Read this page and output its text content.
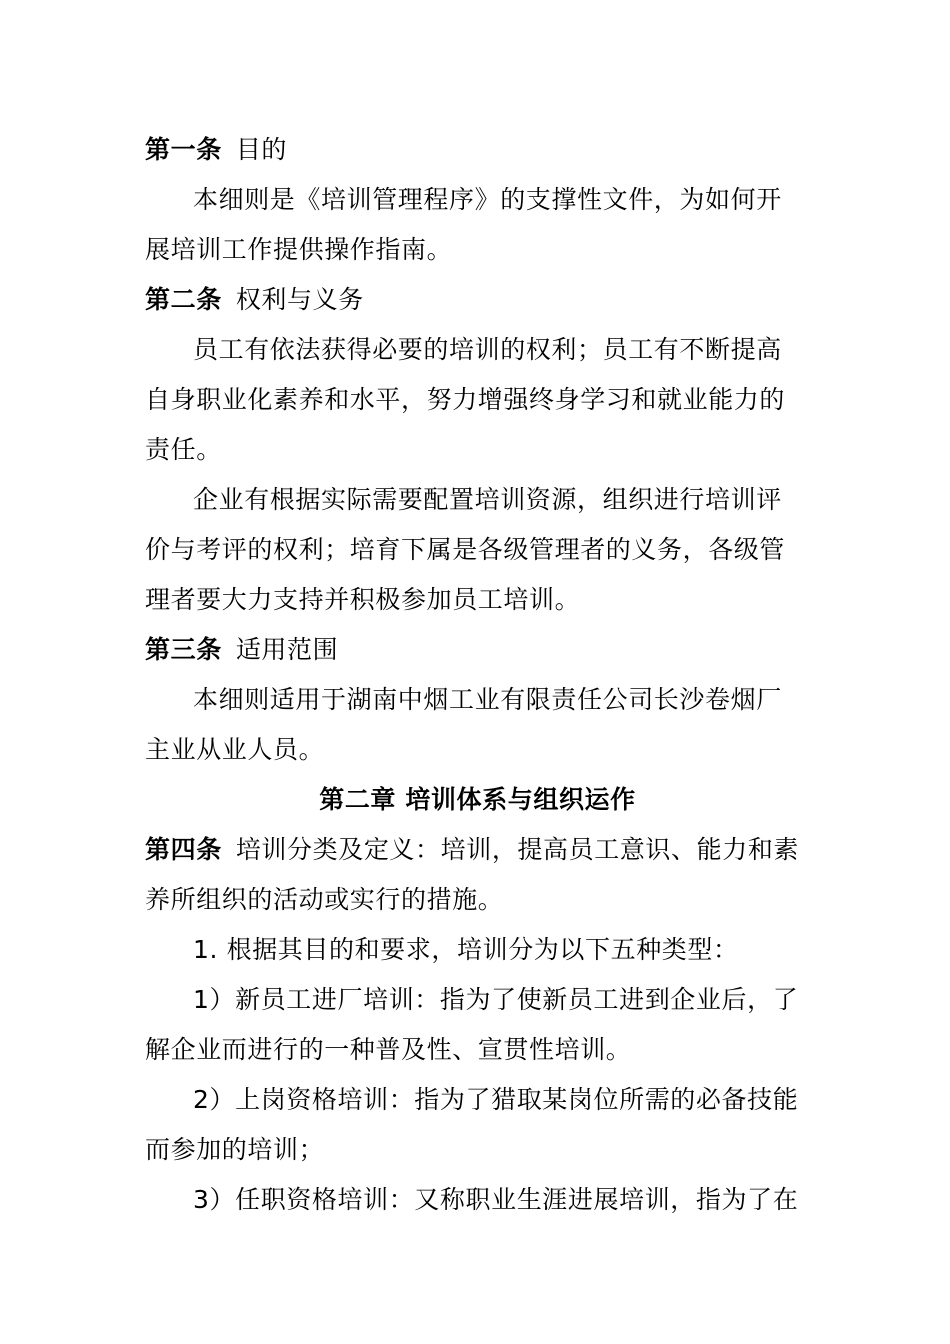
第一条 目的
本细则是《培训管理程序》的支撑性文件，为如何开
展培训工作提供操作指南。
第二条 权利与义务
员工有依法获得必要的培训的权利；员工有不断提高
自身职业化素养和水平，努力增强终身学习和就业能力的
责任。
企业有根据实际需要配置培训资源，组织进行培训评
价与考评的权利；培育下属是各级管理者的义务，各级管
理者要大力支持并积极参加员工培训。
第三条 适用范围
本细则适用于湖南中烟工业有限责任公司长沙卷烟厂
主业从业人员。
第二章 培训体系与组织运作
第四条 培训分类及定义：培训，提高员工意识、能力和素
养所组织的活动或实行的措施。
1. 根据其目的和要求，培训分为以下五种类型：
1）新员工进厂培训：指为了使新员工进到企业后，了
解企业而进行的一种普及性、宣贯性培训。
2）上岗资格培训：指为了猎取某岗位所需的必备技能
而参加的培训；
3）任职资格培训：又称职业生涯进展培训，指为了在
